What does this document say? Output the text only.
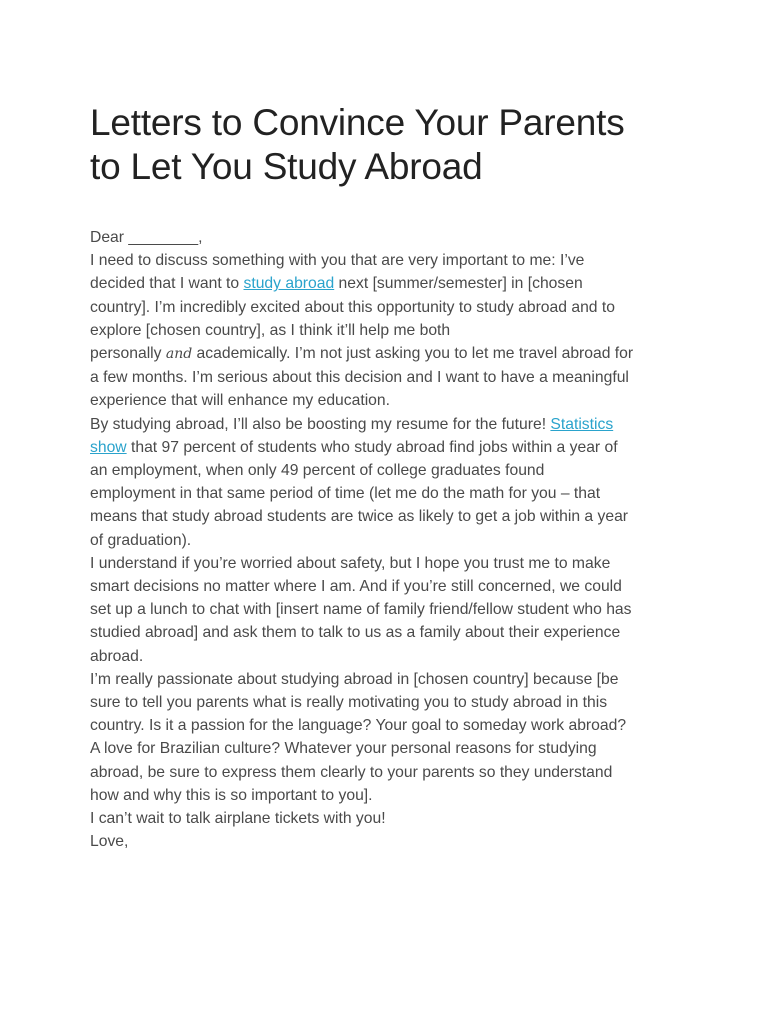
Letters to Convince Your Parents
to Let You Study Abroad

Dear ________,

I need to discuss something with you that are very important to me: I’ve
decided that I want to study abroad next [summer/semester] in [chosen
country]. I’m incredibly excited about this opportunity to study abroad and to
explore [chosen country], as I think it’ll help me both
personally and academically. I’m not just asking you to let me travel abroad for
a few months. I’m serious about this decision and I want to have a meaningful
experience that will enhance my education.

By studying abroad, I’ll also be boosting my resume for the future! Statistics
show that 97 percent of students who study abroad find jobs within a year of
an employment, when only 49 percent of college graduates found
employment in that same period of time (let me do the math for you – that
means that study abroad students are twice as likely to get a job within a year
of graduation).

I understand if you’re worried about safety, but I hope you trust me to make
smart decisions no matter where I am. And if you’re still concerned, we could
set up a lunch to chat with [insert name of family friend/fellow student who has
studied abroad] and ask them to talk to us as a family about their experience
abroad.

I’m really passionate about studying abroad in [chosen country] because [be
sure to tell you parents what is really motivating you to study abroad in this
country. Is it a passion for the language? Your goal to someday work abroad?
A love for Brazilian culture? Whatever your personal reasons for studying
abroad, be sure to express them clearly to your parents so they understand
how and why this is so important to you].

I can’t wait to talk airplane tickets with you!

Love,
